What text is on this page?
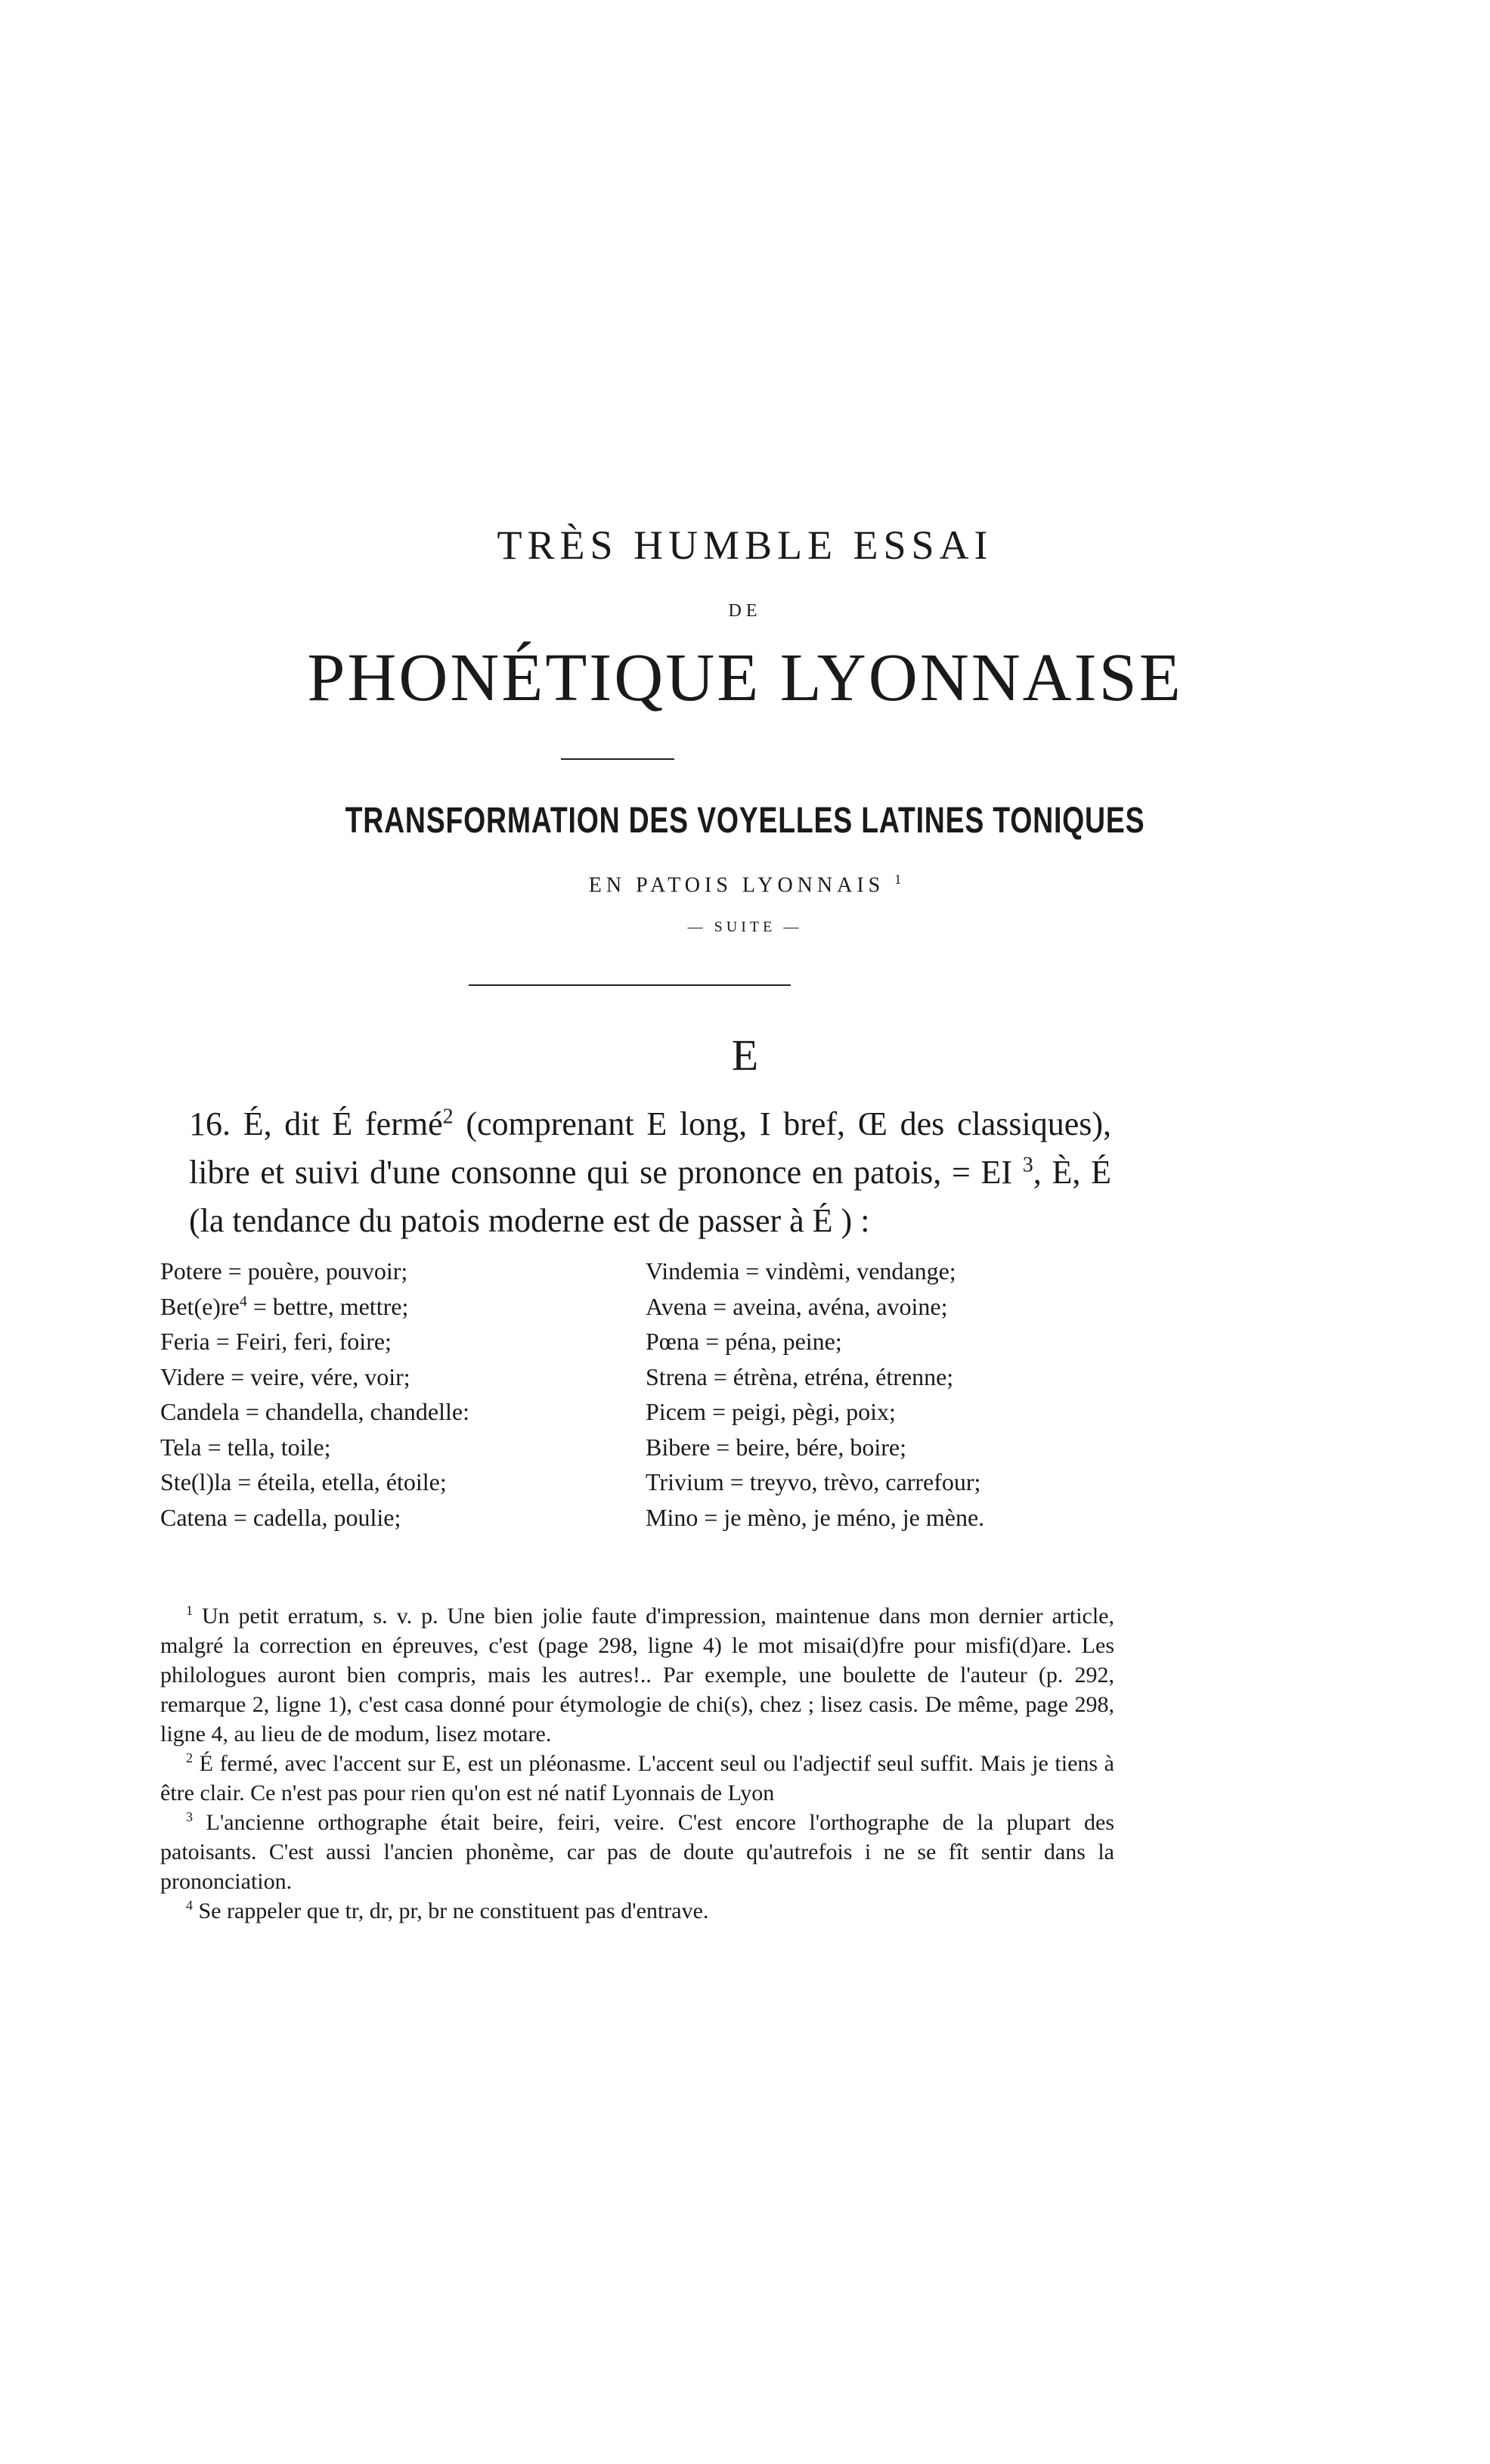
TRÈS HUMBLE ESSAI
DE
PHONÉTIQUE LYONNAISE
TRANSFORMATION DES VOYELLES LATINES TONIQUES
EN PATOIS LYONNAIS $^1$
— SUITE —
E
16. É, dit É fermé$^2$ (comprenant E long, I bref, Œ des classiques), libre et suivi d'une consonne qui se prononce en patois, = EI $^3$, È, É (la tendance du patois moderne est de passer à É ) :
Potere = pouère, pouvoir;
$Bet(e)re^4$ = bettre, mettre;
Feria = Feiri, feri, foire;
Videre = veire, vére, voir;
Candela = chandella, chandelle:
Tela = tella, toile;
Ste(l)la = éteila, etella, étoile;
Catena = cadella, poulie;
Vindemia = vindèmi, vendange;
Avena = aveina, avéna, avoine;
Pœna = péna, peine;
Strena = étrèna, etréna, étrenne;
Picem = peigi, pègi, poix;
Bibere = beire, bére, boire;
Trivium = treyvo, trèvo, carrefour;
Mino = je mèno, je méno, je mène.

$^1$ Un petit erratum, s. v. p. Une bien jolie faute d'impression, maintenue dans mon dernier article, malgré la correction en épreuves, c'est (page 298, ligne 4) le mot misai(d)fre pour misfi(d)are. Les philologues auront bien compris, mais les autres!.. Par exemple, une boulette de l'auteur (p. 292, remarque 2, ligne 1), c'est casa donné pour étymologie de chi(s), chez ; lisez casis. De même, page 298, ligne 4, au lieu de de modum, lisez motare.

$^2$ É fermé, avec l'accent sur E, est un pléonasme. L'accent seul ou l'adjectif seul suffit. Mais je tiens à être clair. Ce n'est pas pour rien qu'on est né natif Lyonnais de Lyon

$^3$ L'ancienne orthographe était beire, feiri, veire. C'est encore l'orthographe de la plupart des patoisants. C'est aussi l'ancien phonème, car pas de doute qu'autrefois i ne se fît sentir dans la prononciation.

$^4$ Se rappeler que tr, dr, pr, br ne constituent pas d'entrave.
